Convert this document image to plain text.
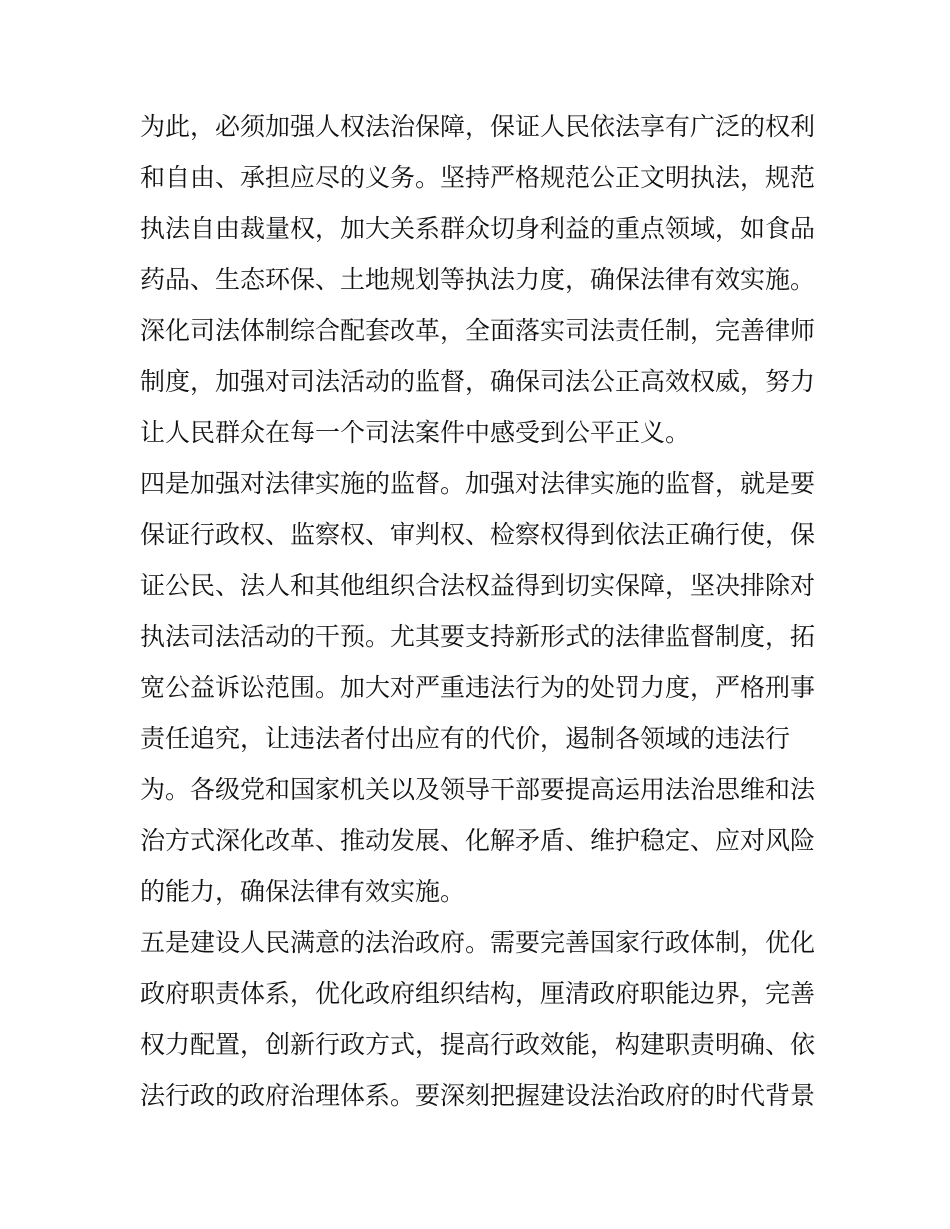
为此，必须加强人权法治保障，保证人民依法享有广泛的权利
和自由、承担应尽的义务。坚持严格规范公正文明执法，规范
执法自由裁量权，加大关系群众切身利益的重点领域，如食品
药品、生态环保、土地规划等执法力度，确保法律有效实施。
深化司法体制综合配套改革，全面落实司法责任制，完善律师
制度，加强对司法活动的监督，确保司法公正高效权威，努力
让人民群众在每一个司法案件中感受到公平正义。
四是加强对法律实施的监督。加强对法律实施的监督，就是要
保证行政权、监察权、审判权、检察权得到依法正确行使，保
证公民、法人和其他组织合法权益得到切实保障，坚决排除对
执法司法活动的干预。尤其要支持新形式的法律监督制度，拓
宽公益诉讼范围。加大对严重违法行为的处罚力度，严格刑事
责任追究，让违法者付出应有的代价，遏制各领域的违法行
为。各级党和国家机关以及领导干部要提高运用法治思维和法
治方式深化改革、推动发展、化解矛盾、维护稳定、应对风险
的能力，确保法律有效实施。
五是建设人民满意的法治政府。需要完善国家行政体制，优化
政府职责体系，优化政府组织结构，厘清政府职能边界，完善
权力配置，创新行政方式，提高行政效能，构建职责明确、依
法行政的政府治理体系。要深刻把握建设法治政府的时代背景
